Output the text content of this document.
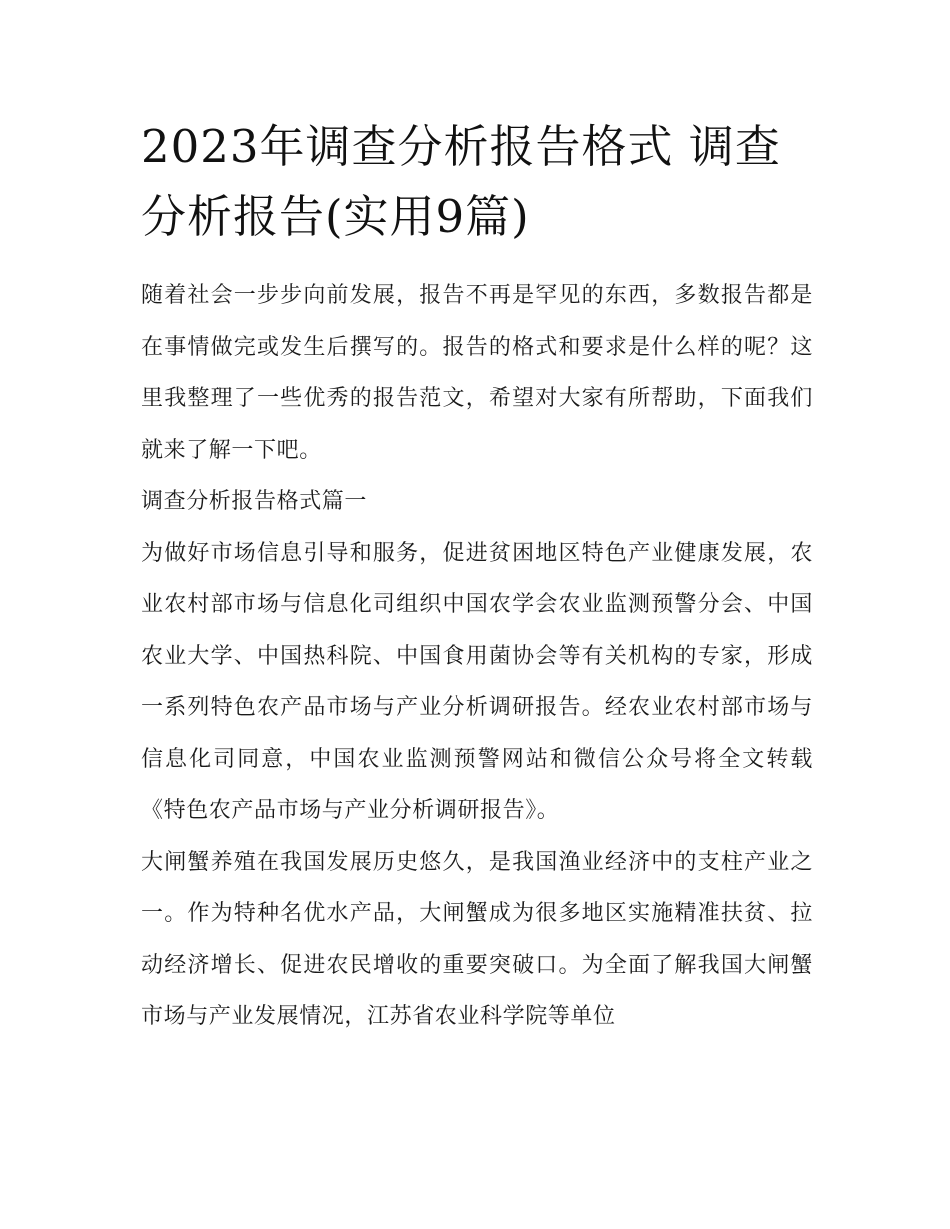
2023年调查分析报告格式 调查分析报告(实用9篇)

随着社会一步步向前发展，报告不再是罕见的东西，多数报告都是在事情做完或发生后撰写的。报告的格式和要求是什么样的呢？这里我整理了一些优秀的报告范文，希望对大家有所帮助，下面我们就来了解一下吧。

调查分析报告格式篇一

为做好市场信息引导和服务，促进贫困地区特色产业健康发展，农业农村部市场与信息化司组织中国农学会农业监测预警分会、中国农业大学、中国热科院、中国食用菌协会等有关机构的专家，形成一系列特色农产品市场与产业分析调研报告。经农业农村部市场与信息化司同意，中国农业监测预警网站和微信公众号将全文转载《特色农产品市场与产业分析调研报告》。

大闸蟹养殖在我国发展历史悠久，是我国渔业经济中的支柱产业之一。作为特种名优水产品，大闸蟹成为很多地区实施精准扶贫、拉动经济增长、促进农民增收的重要突破口。为全面了解我国大闸蟹市场与产业发展情况，江苏省农业科学院等单位
